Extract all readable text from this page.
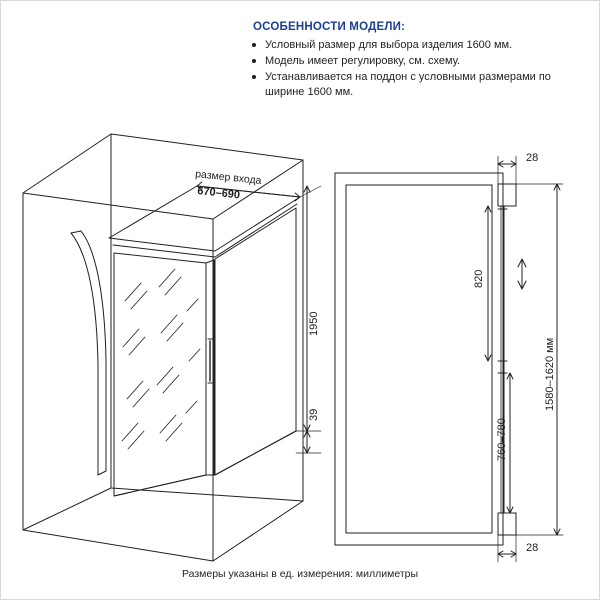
ОСОБЕННОСТИ МОДЕЛИ:
Условный размер для выбора изделия 1600 мм.
Модель имеет регулировку, см. схему.
Устанавливается на поддон с условными размерами по ширине 1600 мм.
размер входа
670–690
1950
39
28
28
820
760–780
1580–1620 мм
Размеры указаны в ед. измерения: миллиметры
